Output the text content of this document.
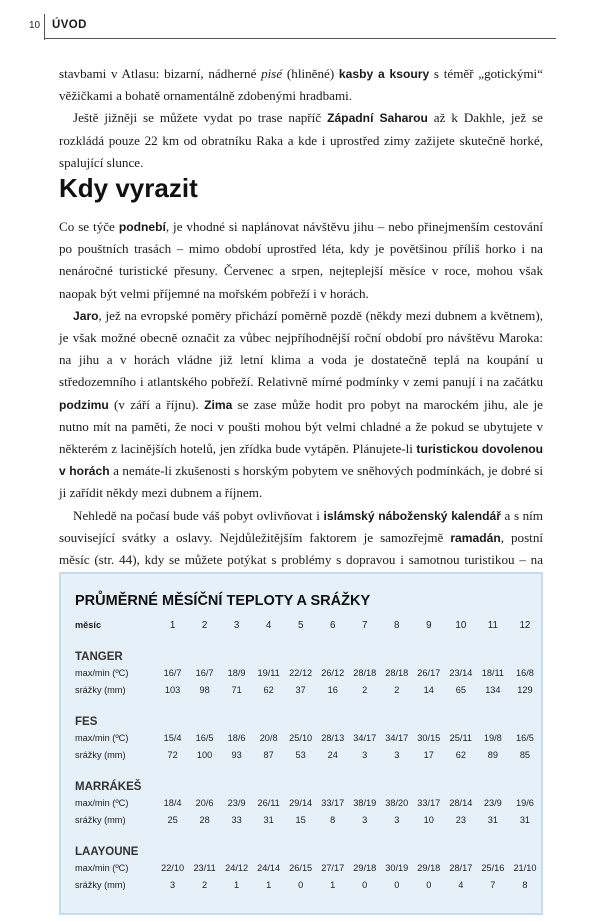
10 ÚVOD

stavbami v Atlasu: bizarní, nádherné pisé (hliněné) kasby a ksoury s téměř „gotickými“ věžičkami a bohatě ornamentálně zdobenými hradbami.

Ještě jižněji se můžete vydat po trase napříč Západní Saharou až k Dakhle, jež se rozkládá pouze 22 km od obratníku Raka a kde i uprostřed zimy zažijete skutečně horké, spalující slunce.

Kdy vyrazit

Co se týče podnebí, je vhodné si naplánovat návštěvu jihu – nebo přinejmenším cestování po pouštních trasách – mimo období uprostřed léta, kdy je povětšinou příliš horko i na nenáročné turistické přesuny. Červenec a srpen, nejteplejší měsíce v roce, mohou však naopak být velmi příjemné na mořském pobřeží i v horách.

Jaro, jež na evropské poměry přichází poměrně pozdě (někdy mezi dubnem a květnem), je však možné obecně označit za vůbec nejpříhodnější roční období pro návštěvu Maroka: na jihu a v horách vládne již letní klima a voda je dostatečně teplá na koupání u středozemního i atlantského pobřeží. Relativně mírné podmínky v zemi panují i na začátku podzimu (v září a říjnu). Zima se zase může hodit pro pobyt na marockém jihu, ale je nutno mít na paměti, že noci v poušti mohou být velmi chladné a že pokud se ubytujete v některém z lacinějších hotelů, jen zřídka bude vytápěn. Plánujete-li turistickou dovolenou v horách a nemáte-li zkušenosti s horským pobytem ve sněhových podmínkách, je dobré si ji zařídit někdy mezi dubnem a říjnem.

Nehledě na počasí bude váš pobyt ovlivňovat i islámský náboženský kalendář a s ním související svátky a oslavy. Nejdůležitějším faktorem je samozřejmě ramadán, postní měsíc (str. 44), kdy se můžete potýkat s problémy s dopravou i samotnou turistikou – na

PRŮMĚRNÉ MĚSÍČNÍ TEPLOTY A SRÁŽKY
měsíc	1	2	3	4	5	6	7	8	9	10	11	12
TANGER												
max/min (ºC)	16/7	16/7	18/9	19/11	22/12	26/12	28/18	28/18	26/17	23/14	18/11	16/8
srážky (mm)	103	98	71	62	37	16	2	2	14	65	134	129
FES												
max/min (ºC)	15/4	16/5	18/6	20/8	25/10	28/13	34/17	34/17	30/15	25/11	19/8	16/5
srážky (mm)	72	100	93	87	53	24	3	3	17	62	89	85
MARRÁKEŠ												
max/min (ºC)	18/4	20/6	23/9	26/11	29/14	33/17	38/19	38/20	33/17	28/14	23/9	19/6
srážky (mm)	25	28	33	31	15	8	3	3	10	23	31	31
LAAYOUNE												
max/min (ºC)	22/10	23/11	24/12	24/14	26/15	27/17	29/18	30/19	29/18	28/17	25/16	21/10
srážky (mm)	3	2	1	1	0	1	0	0	0	4	7	8
